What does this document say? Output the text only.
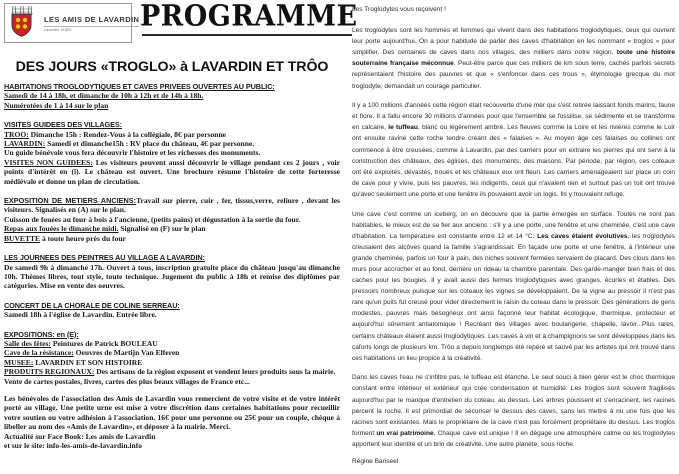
LES AMIS DE LAVARDIN
Lavardin 41800	PROGRAMME
DES JOURS «TROGLO» à LAVARDIN ET TRÔO

HABITATIONS TROGLODYTIQUES ET CAVES PRIVEES OUVERTES AU PUBLIC:

Samedi de 14 à 18h, et dimanche de 10h à 12h et de 14h à 18h.

Numérotées de 1 à 14 sur le plan

VISITES GUIDEES DES VILLAGES:

TROO: Dimanche 15h : Rendez-Vous à la collégiale, 8€ par personne

LAVARDIN: Samedi et dimanche15h : RV place du château, 4€ par personne.

Un guide bénévole vous fera découvrir l'histoire et les richesses des monuments.

VISITES NON GUIDEES: Les visiteurs peuvent aussi découvrir le village pendant ces 2 jours , voir points d'intérêt en (i). Le château est ouvert. Une brochure résume l'histoire de cette forteresse médiévale et donne un plan de circulation.

EXPOSITION DE METIERS ANCIENS:Travail sur pierre, cuir , fer, tissus,verre, reliure , devant les visiteurs. Signalisés en (A) sur le plan.

Cuisson de fouées au four à bois à l'ancienne, (petits pains) et dégustation à la sortie du four.

Repas aux fouées le dimanche midi. Signalisé en (F) sur le plan

BUVETTE à toute heure près du four

LES JOURNEES DES PEINTRES AU VILLAGE A LAVARDIN:

De samedi 9h à dimanche 17h. Ouvert à tous, inscription gratuite place du château jusqu'au dimanche 10h. Thèmes libres, tout style, toute technique. Jugement du public à 18h et remise des diplômes par catégories. Mise en vente des oeuvres.

CONCERT DE LA CHORALE DE COLINE SERREAU:

Samedi 18h à l'église de Lavardin. Entrée libre.

EXPOSITIONS: en (E):

Salle des fêtes: Peintures de Patrick BOULEAU

Cave de la résistance: Oeuvres de Martijn Van Elferen

MUSEE: LAVARDIN ET SON HISTOIRE

PRODUITS REGIONAUX: Des artisans de la région exposent et vendent leurs produits sous la mairie.

Vente de cartes postales, livres, cartes des plus beaux villages de France etc...

Les bénévoles de l'association des Amis de Lavardin vous remercient de votre visite et de votre intérêt porté au village. Une petite urne est mise à votre discrétion dans certaines habitations pour recueillir votre soutien ou votre adhésion à l'association. 16€ pour une personne ou 25€ pour un couple, chèque à libeller au nom des «Amis de Lavardin», et déposer à la mairie. Merci.

Actualité sur Face Book: Les amis de Lavardin

et sur le site: info-les-amis-de-lavardin.info

Les Troglodytes vous reçoivent !

Les troglodytes sont les hommes et femmes qui vivent dans des habitations troglodytiques, ceux qui ouvrent leur porte aujourd'hui. On a pour habitude de parler des caves d'habitation en les nommant « troglos » pour simplifier. Des centaines de caves dans nos villages, des milliers dans notre région, toute une histoire souterraine française méconnue. Peut-être parce que ces milliers de km sous terre, cachés parfois secrets représentaient l'histoire des pauvres et que « s'enfoncer dans ces trous », étymologie grecque du mot troglodyte, demandait un courage particulier.

Il y a 100 millions d'années cette région était recouverte d'une mer qui s'est retirée laissant fonds marins, faune et flore. Il a fallu encore 30 millions d'années pour que l'ensemble se fossilise, se sédimente et se transforme en calcaire, le tuffeau, blanc ou légèrement ambré. Les fleuves comme la Loire et les rivières comme le Loir ont ensuite raviné cette roche tendre créant des « falaises ». Au moyen âge ces falaises ou collines ont commencé à être creusées, comme à Lavardin, par des carriers pour en extraire les pierres qui ont servi à la construction des châteaux, des églises, des monuments, des maisons. Par période, par région, ces coteaux ont été exploités, dévastés, troués et les châteaux eux ont fleuri. Les carriers aménageaient sur place un coin de cave pour y vivre, puis les pauvres, les indigents, ceux qui n'avaient rien et surtout pas un toit ont trouvé qu'avec seulement une porte et une fenêtre ils pouvaient avoir un logis. Ils y trouvaient refuge.

Une cave c'est comme un iceberg, on en découvre que la partie émergée en surface. Toutes ne sont pas habitables, le mieux est de se fier aux anciens : s'il y a une porte, une fenêtre et une cheminée, c'est une cave d'habitation. La température est constante entre 12 et 14 °C. Les caves étaient évolutives, les troglodytes creusaient des alcôves quand la famille s'agrandissait. En façade une porte et une fenêtre, à l'intérieur une grande cheminée, parfois un four à pain, des niches souvent fermées servaient de placard. Des clous dans les murs pour accrocher et au fond, derrière un rideau la chambre parentale. Des garde-manger bien frais et des caches pour les bougies. Il y avait aussi des fermes troglodytiques avec granges, écuries et étables. Des pressoirs nombreux puisque sur les coteaux les vignes se développaient. De la vigne au pressoir il n'est pas rare qu'un puits fut creusé pour vider directement le raisin du coteau dans le pressoir. Des générations de gens modestes, pauvres mais besogneux ont ainsi façonné leur habitat écologique, thermique, protecteur et aujourd'hui sûrement antiatomique ! Recréant des villages avec boulangerie, chapelle, lavoir...Plus rares, certains châteaux étaient aussi troglodytiques. Les caves à vin et à champignons se sont développées dans les caforts longs de plusieurs km. Trôo a depuis longtemps été repéré et sauvé par les artistes qui ont trouvé dans ces habitations un lieu propice à la créativité.

Dans les caves l'eau ne s'infiltre pas, le tuffeau est étanche. Le seul souci à bien gérer est le choc thermique constant entre intérieur et extérieur qui crée condensation et humidité. Les troglos sont souvent fragilisés aujourd'hui par le manque d'entretien du coteau, au dessus. Les arbres poussent et s'enracinent, les racines percent la roche. Il est primordial de sécuriser le dessus des caves, sans les mettre à nu une fois que les racines sont existantes. Mais le propriétaire de la cave n'est pas forcément propriétaire du dessus. Les troglos forment un vrai patrimoine. Chaque cave est unique ! Il en dégage une atmosphère calme où les troglodytes apportent leur identité et un brin de créativité. Une autre planète, sous roche.

Régine Bariseel
